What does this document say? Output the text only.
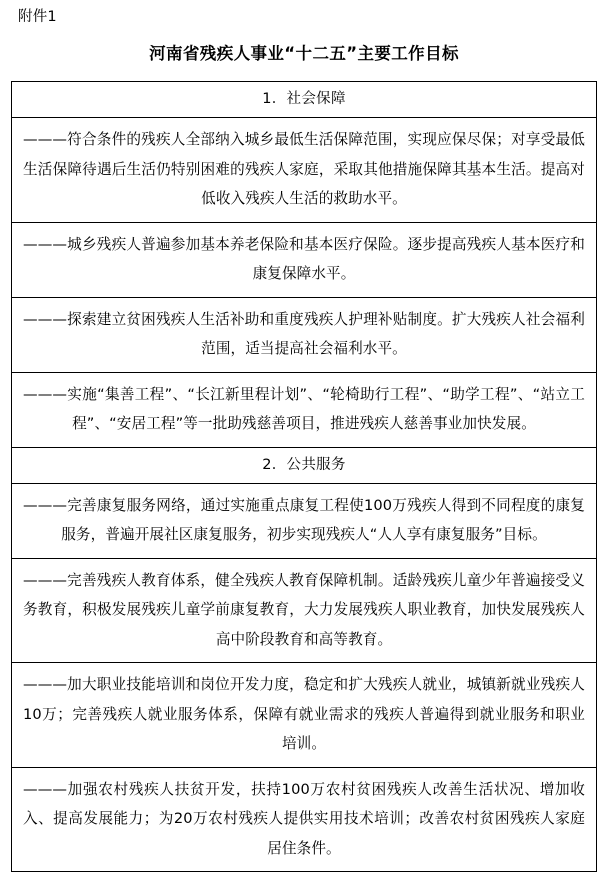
附件1
河南省残疾人事业“十二五”主要工作目标
1．社会保障

———符合条件的残疾人全部纳入城乡最低生活保障范围，实现应保尽保；对享受最低生活保障待遇后生活仍特别困难的残疾人家庭，采取其他措施保障其基本生活。提高对低收入残疾人生活的救助水平。

———城乡残疾人普遍参加基本养老保险和基本医疗保险。逐步提高残疾人基本医疗和康复保障水平。

———探索建立贫困残疾人生活补助和重度残疾人护理补贴制度。扩大残疾人社会福利范围，适当提高社会福利水平。

———实施“集善工程”、“长江新里程计划”、“轮椅助行工程”、“助学工程”、“站立工程”、“安居工程”等一批助残慈善项目，推进残疾人慈善事业加快发展。

2．公共服务

———完善康复服务网络，通过实施重点康复工程使100万残疾人得到不同程度的康复服务，普遍开展社区康复服务，初步实现残疾人“人人享有康复服务”目标。

———完善残疾人教育体系，健全残疾人教育保障机制。适龄残疾儿童少年普遍接受义务教育，积极发展残疾儿童学前康复教育，大力发展残疾人职业教育，加快发展残疾人高中阶段教育和高等教育。

———加大职业技能培训和岗位开发力度，稳定和扩大残疾人就业，城镇新就业残疾人10万；完善残疾人就业服务体系，保障有就业需求的残疾人普遍得到就业服务和职业培训。

———加强农村残疾人扶贫开发，扶持100万农村贫困残疾人改善生活状况、增加收入、提高发展能力；为20万农村残疾人提供实用技术培训；改善农村贫困残疾人家庭居住条件。
